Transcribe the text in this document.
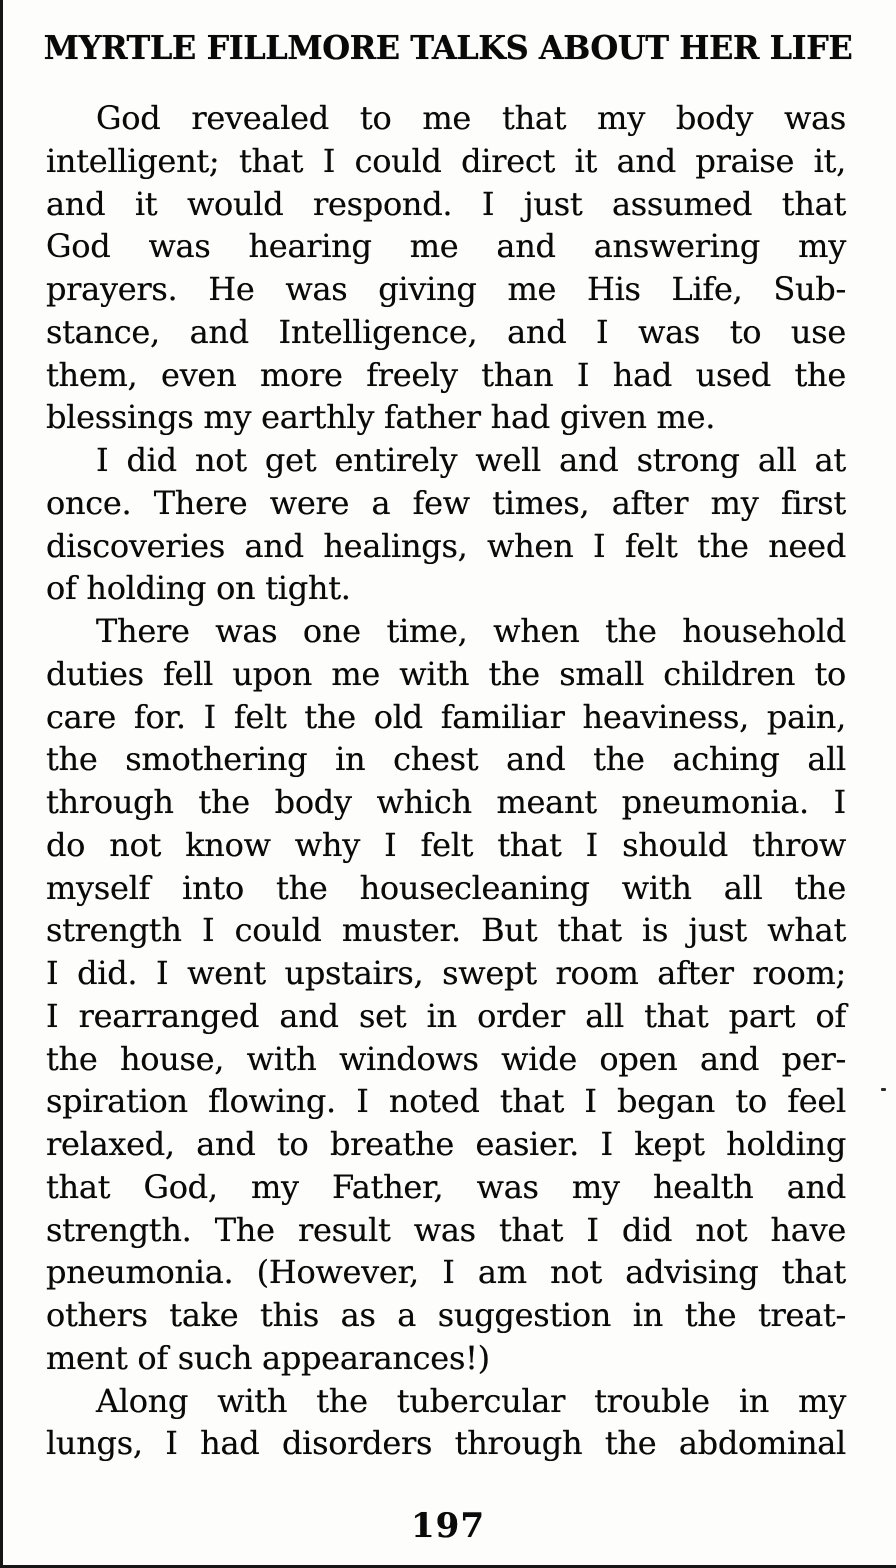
MYRTLE FILLMORE TALKS ABOUT HER LIFE
God revealed to me that my body was
intelligent; that I could direct it and praise it,
and it would respond. I just assumed that
God was hearing me and answering my
prayers. He was giving me His Life, Sub-
stance, and Intelligence, and I was to use
them, even more freely than I had used the
blessings my earthly father had given me.
I did not get entirely well and strong all at
once. There were a few times, after my first
discoveries and healings, when I felt the need
of holding on tight.
There was one time, when the household
duties fell upon me with the small children to
care for. I felt the old familiar heaviness, pain,
the smothering in chest and the aching all
through the body which meant pneumonia. I
do not know why I felt that I should throw
myself into the housecleaning with all the
strength I could muster. But that is just what
I did. I went upstairs, swept room after room;
I rearranged and set in order all that part of
the house, with windows wide open and per-
spiration flowing. I noted that I began to feel
relaxed, and to breathe easier. I kept holding
that God, my Father, was my health and
strength. The result was that I did not have
pneumonia. (However, I am not advising that
others take this as a suggestion in the treat-
ment of such appearances!)
Along with the tubercular trouble in my
lungs, I had disorders through the abdominal
197
